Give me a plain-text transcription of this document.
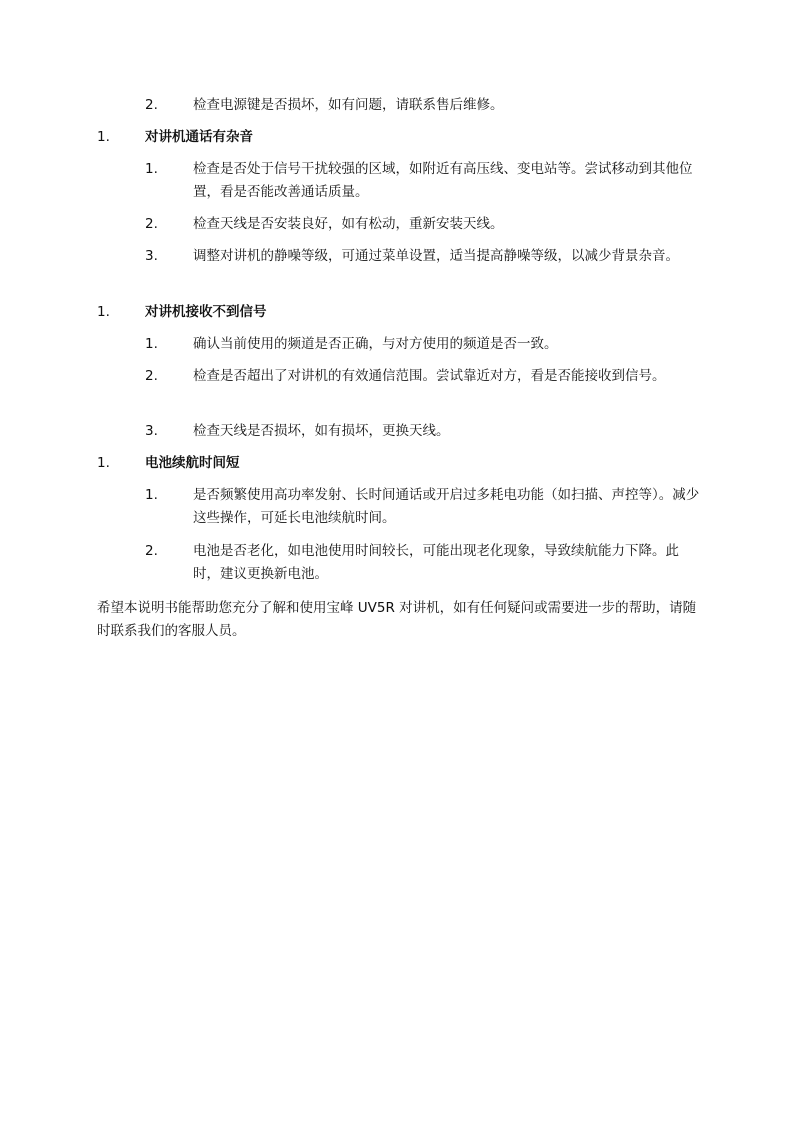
2.	检查电源键是否损坏，如有问题，请联系售后维修。
1.	对讲机通话有杂音
1.	检查是否处于信号干扰较强的区域，如附近有高压线、变电站等。尝试移动到其他位置，看是否能改善通话质量。
2.	检查天线是否安装良好，如有松动，重新安装天线。
3.	调整对讲机的静噪等级，可通过菜单设置，适当提高静噪等级，以减少背景杂音。
1.	对讲机接收不到信号
1.	确认当前使用的频道是否正确，与对方使用的频道是否一致。
2.	检查是否超出了对讲机的有效通信范围。尝试靠近对方，看是否能接收到信号。
3.	检查天线是否损坏，如有损坏，更换天线。
1.	电池续航时间短
1.	是否频繁使用高功率发射、长时间通话或开启过多耗电功能（如扫描、声控等）。减少这些操作，可延长电池续航时间。
2.	电池是否老化，如电池使用时间较长，可能出现老化现象，导致续航能力下降。此时，建议更换新电池。
希望本说明书能帮助您充分了解和使用宝峰 UV5R 对讲机，如有任何疑问或需要进一步的帮助，请随时联系我们的客服人员。
